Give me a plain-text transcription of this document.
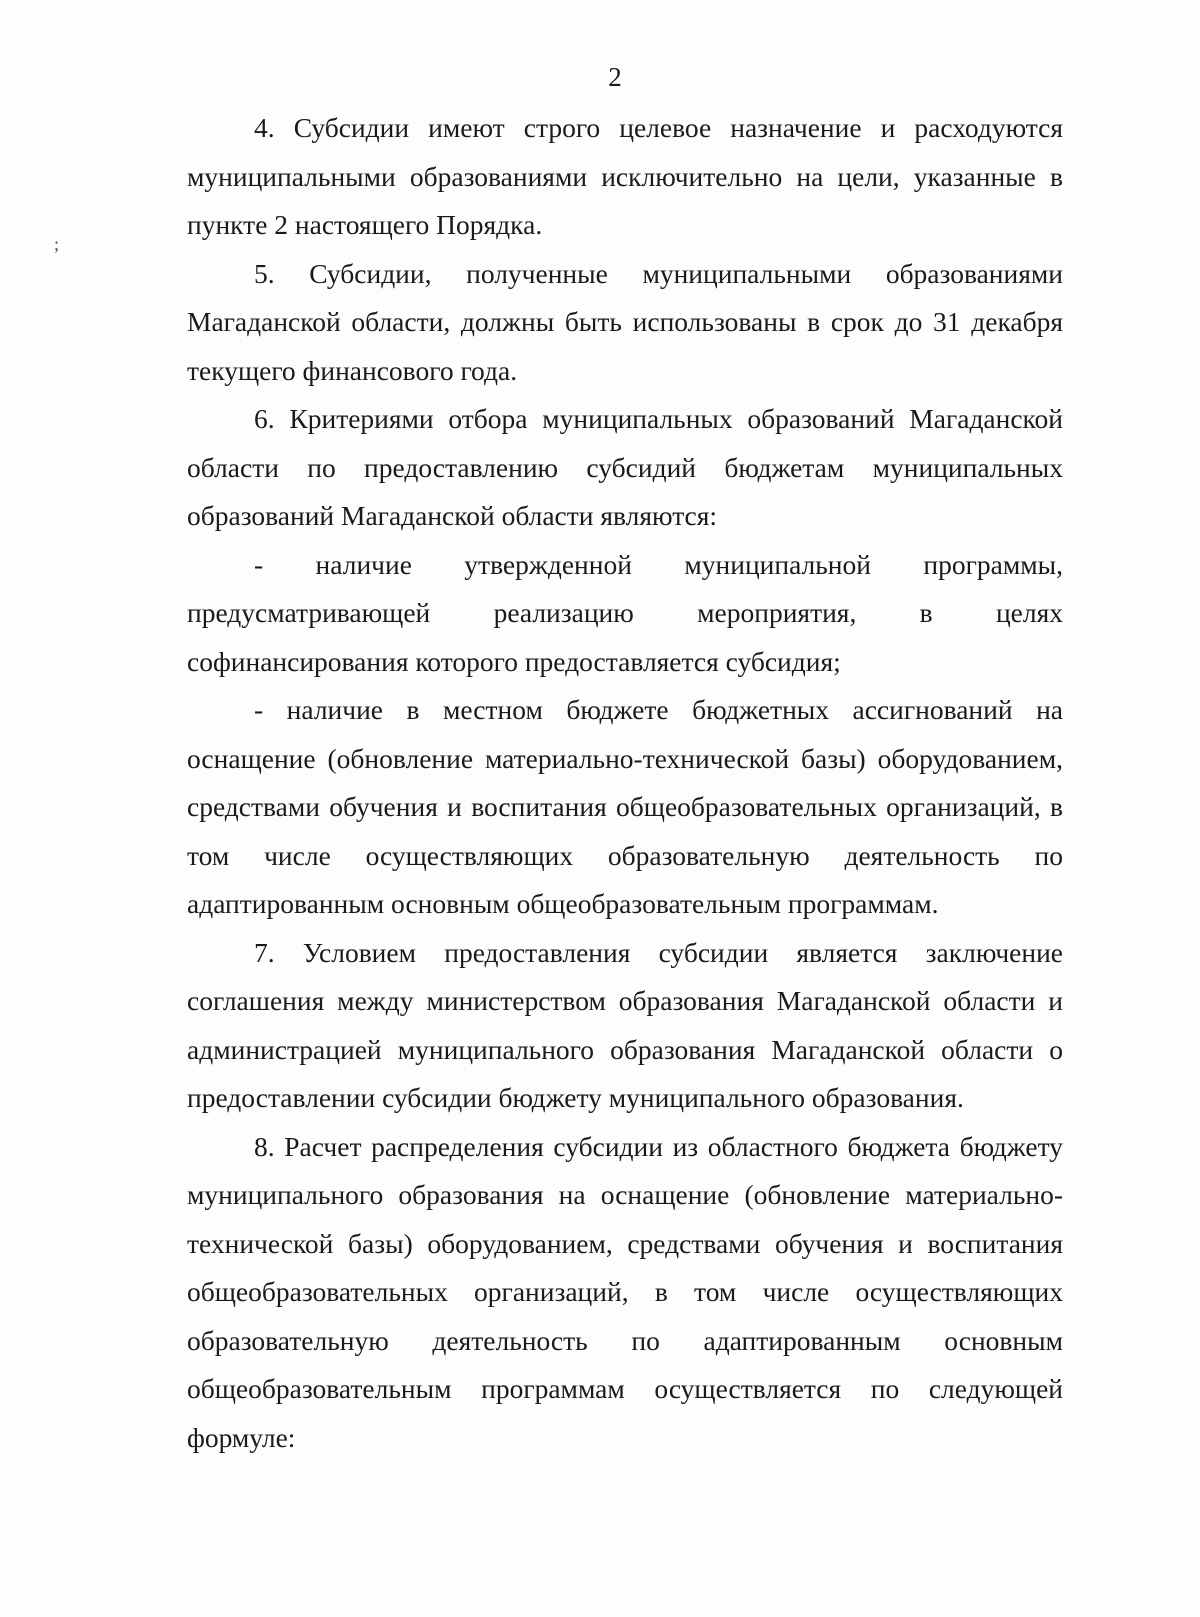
2
;

4. Субсидии имеют строго целевое назначение и расходуются муниципальными образованиями исключительно на цели, указанные в пункте 2 настоящего Порядка.

5. Субсидии, полученные муниципальными образованиями Магаданской области, должны быть использованы в срок до 31 декабря текущего финансового года.

6. Критериями отбора муниципальных образований Магаданской области по предоставлению субсидий бюджетам муниципальных образований Магаданской области являются:

- наличие утвержденной муниципальной программы, предусматривающей реализацию мероприятия, в целях софинансирования которого предоставляется субсидия;

- наличие в местном бюджете бюджетных ассигнований на оснащение (обновление материально-технической базы) оборудованием, средствами обучения и воспитания общеобразовательных организаций, в том числе осуществляющих образовательную деятельность по адаптированным основным общеобразовательным программам.

7. Условием предоставления субсидии является заключение соглашения между министерством образования Магаданской области и администрацией муниципального образования Магаданской области о предоставлении субсидии бюджету муниципального образования.

8. Расчет распределения субсидии из областного бюджета бюджету муниципального образования на оснащение (обновление материально-технической базы) оборудованием, средствами обучения и воспитания общеобразовательных организаций, в том числе осуществляющих образовательную деятельность по адаптированным основным общеобразовательным программам осуществляется по следующей формуле:
